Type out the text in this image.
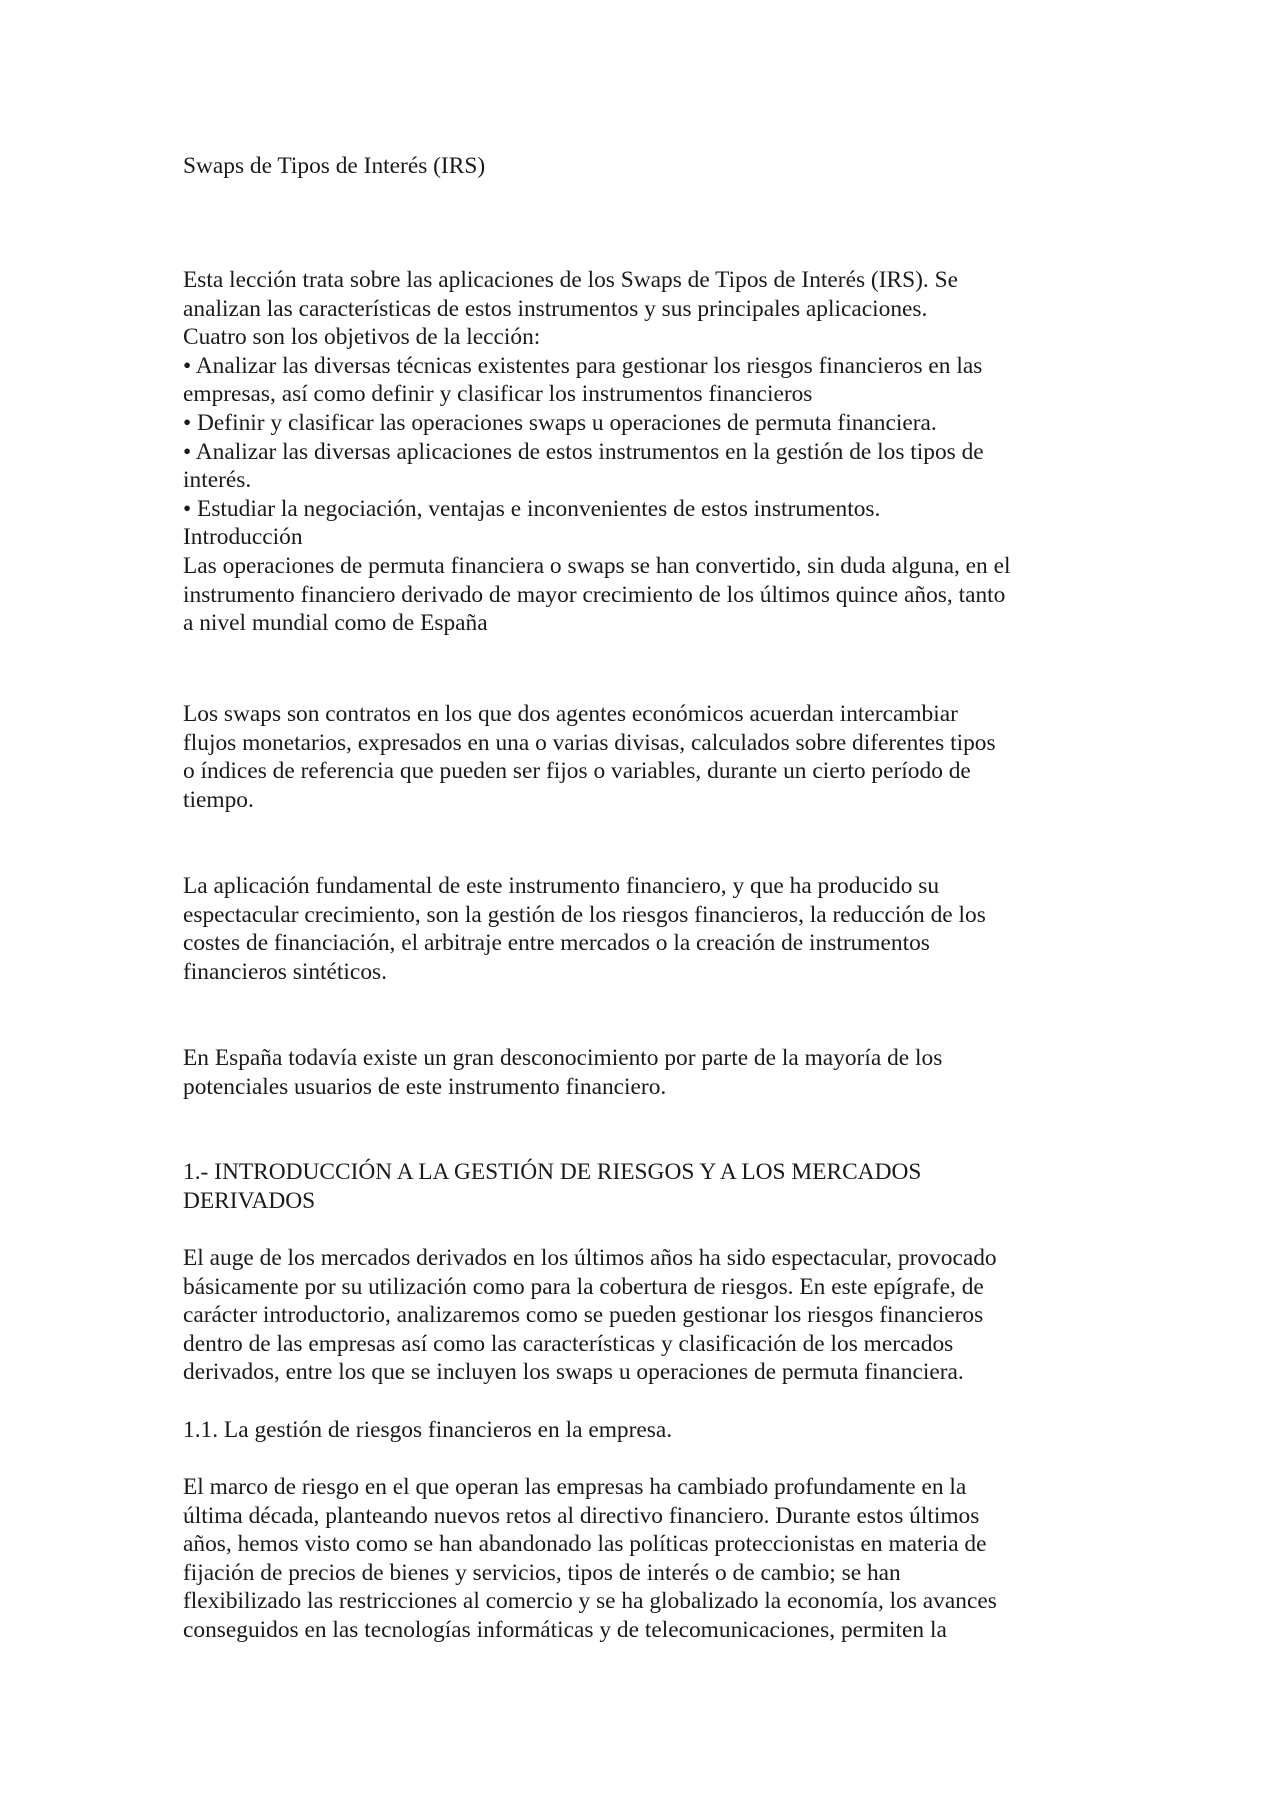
Swaps de Tipos de Interés (IRS)

Esta lección trata sobre las aplicaciones de los Swaps de Tipos de Interés (IRS). Se

analizan las características de estos instrumentos y sus principales aplicaciones.

Cuatro son los objetivos de la lección:

• Analizar las diversas técnicas existentes para gestionar los riesgos financieros en las

empresas, así como definir y clasificar los instrumentos financieros

• Definir y clasificar las operaciones swaps u operaciones de permuta financiera.

• Analizar las diversas aplicaciones de estos instrumentos en la gestión de los tipos de

interés.

• Estudiar la negociación, ventajas e inconvenientes de estos instrumentos.

Introducción

Las operaciones de permuta financiera o swaps se han convertido, sin duda alguna, en el

instrumento financiero derivado de mayor crecimiento de los últimos quince años, tanto

a nivel mundial como de España

Los swaps son contratos en los que dos agentes económicos acuerdan intercambiar

flujos monetarios, expresados en una o varias divisas, calculados sobre diferentes tipos

o índices de referencia que pueden ser fijos o variables, durante un cierto período de

tiempo.

La aplicación fundamental de este instrumento financiero, y que ha producido su

espectacular crecimiento, son la gestión de los riesgos financieros, la reducción de los

costes de financiación, el arbitraje entre mercados o la creación de instrumentos

financieros sintéticos.

En España todavía existe un gran desconocimiento por parte de la mayoría de los

potenciales usuarios de este instrumento financiero.

1.- INTRODUCCIÓN A LA GESTIÓN DE RIESGOS Y A LOS MERCADOS

DERIVADOS

El auge de los mercados derivados en los últimos años ha sido espectacular, provocado

básicamente por su utilización como para la cobertura de riesgos. En este epígrafe, de

carácter introductorio, analizaremos como se pueden gestionar los riesgos financieros

dentro de las empresas así como las características y clasificación de los mercados

derivados, entre los que se incluyen los swaps u operaciones de permuta financiera.

1.1. La gestión de riesgos financieros en la empresa.

El marco de riesgo en el que operan las empresas ha cambiado profundamente en la

última década, planteando nuevos retos al directivo financiero. Durante estos últimos

años, hemos visto como se han abandonado las políticas proteccionistas en materia de

fijación de precios de bienes y servicios, tipos de interés o de cambio; se han

flexibilizado las restricciones al comercio y se ha globalizado la economía, los avances

conseguidos en las tecnologías informáticas y de telecomunicaciones, permiten la
